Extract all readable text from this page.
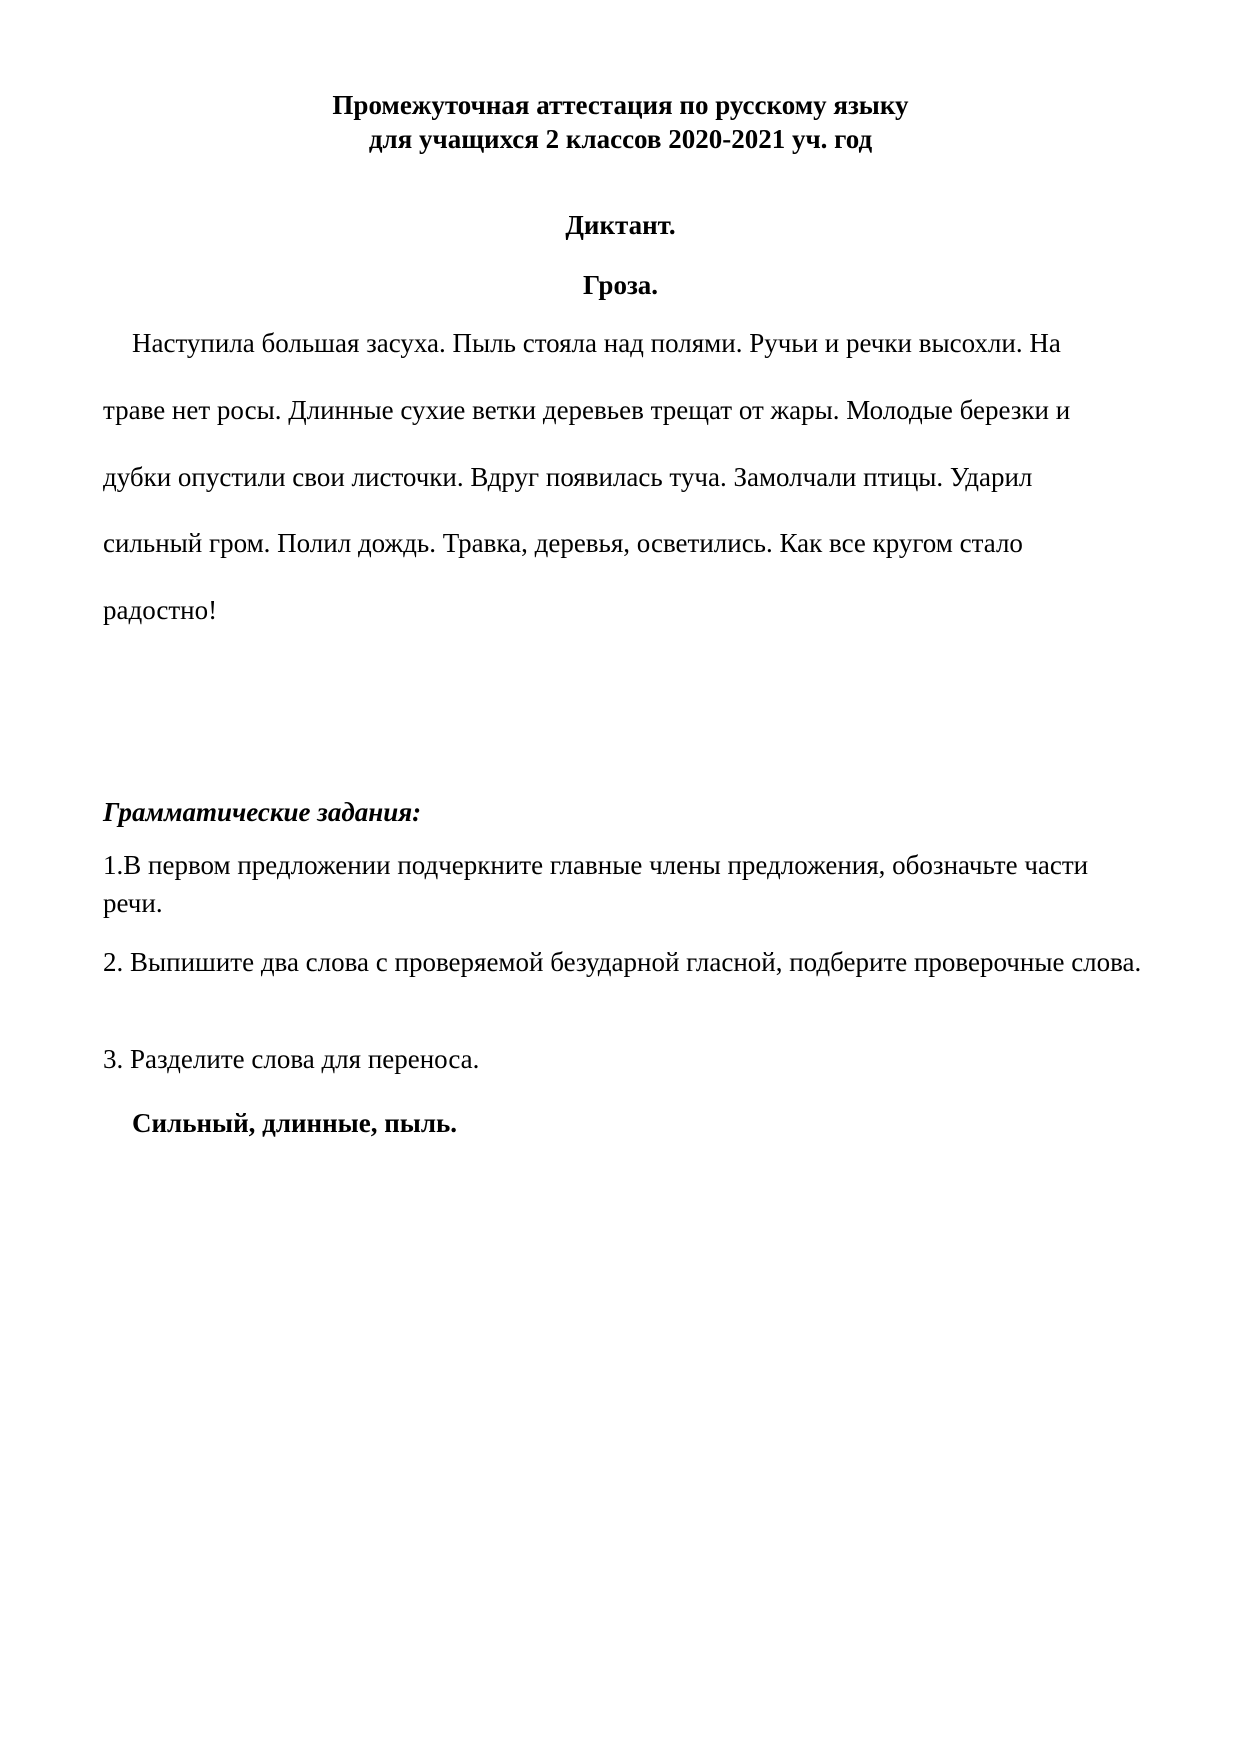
Промежуточная аттестация по русскому языку
для учащихся 2 классов 2020-2021 уч. год
Диктант.
Гроза.
Наступила большая засуха. Пыль стояла над полями. Ручьи и речки высохли. На
траве нет росы. Длинные сухие ветки деревьев трещат от жары. Молодые березки и
дубки опустили свои листочки. Вдруг появилась туча. Замолчали птицы. Ударил
сильный гром. Полил дождь. Травка, деревья, осветились. Как все кругом стало
радостно!
Грамматические задания:
1.В первом предложении подчеркните главные члены предложения, обозначьте части речи.
2. Выпишите два слова с проверяемой безударной гласной, подберите проверочные слова.
3. Разделите слова для переноса.
Сильный, длинные, пыль.
